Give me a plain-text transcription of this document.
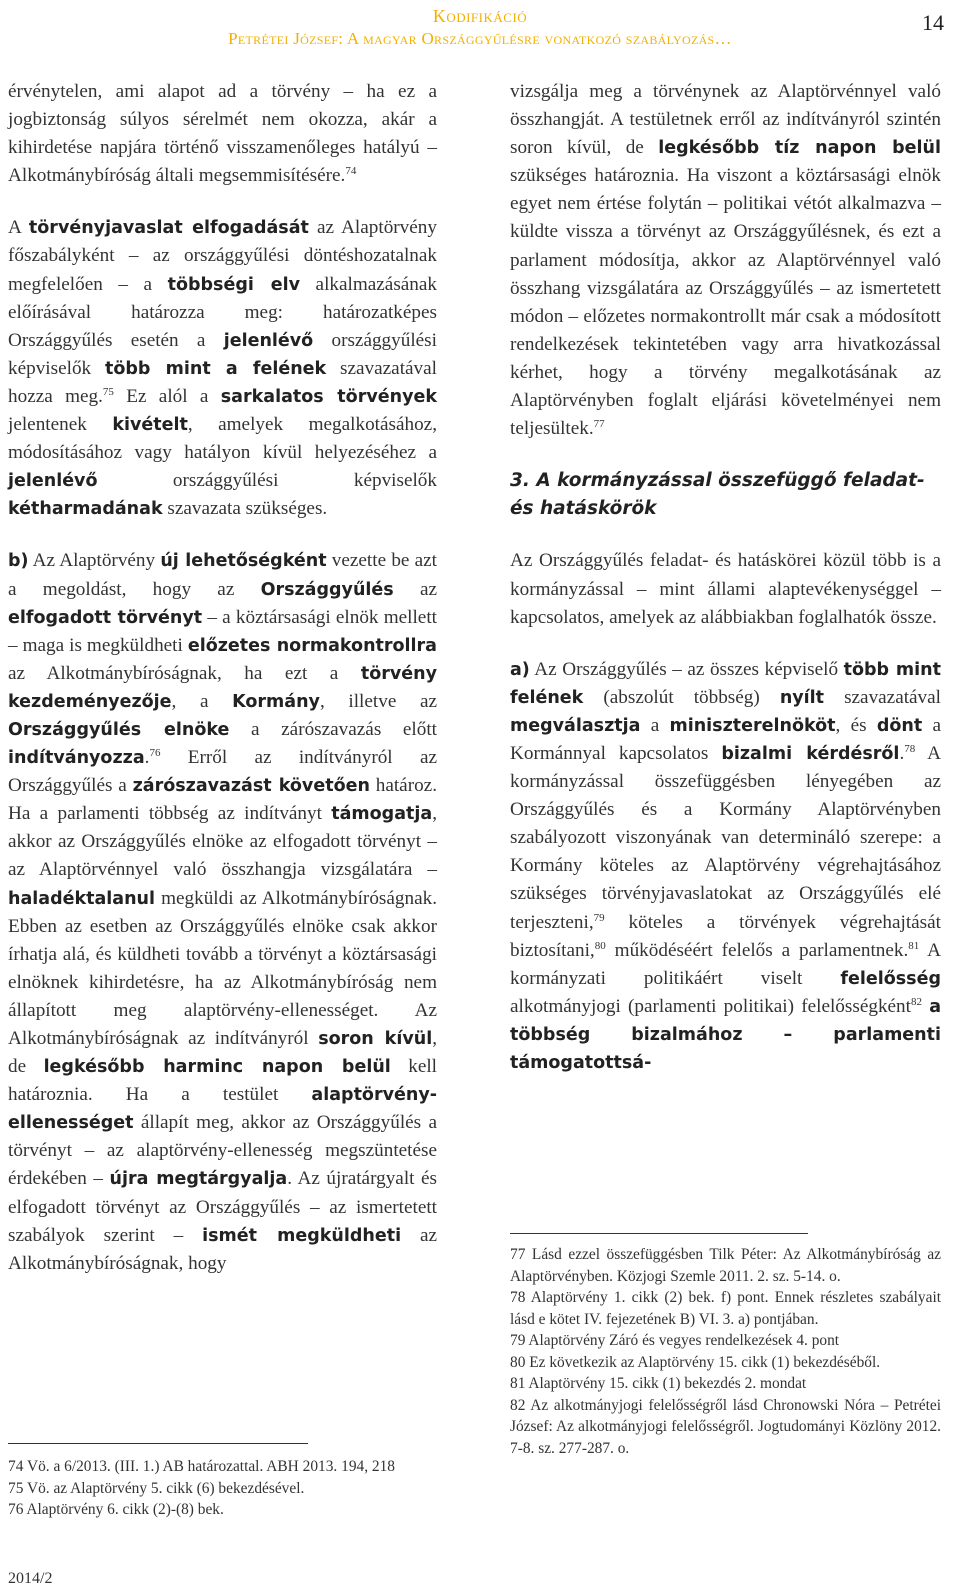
Kodifikáció
Petrétei József: A magyar Országgyűlésre vonatkozó szabályozás…
14

érvénytelen, ami alapot ad a törvény – ha ez a jogbiztonság súlyos sérelmét nem okozza, akár a kihirdetése napjára történő visszamenőleges hatályú – Alkotmánybíróság általi megsemmisítésére.$^{74}$

A törvényjavaslat elfogadását az Alaptörvény főszabályként – az országgyűlési döntéshozatalnak megfelelően – a többségi elv alkalmazásának előírásával határozza meg: határozatképes Országgyűlés esetén a jelenlévő országgyűlési képviselők több mint a felének szavazatával hozza meg.$^{75}$ Ez alól a sarkalatos törvények jelentenek kivételt, amelyek megalkotásához, módosításához vagy hatályon kívül helyezéséhez a jelenlévő országgyűlési képviselők kétharmadának szavazata szükséges.

b) Az Alaptörvény új lehetőségként vezette be azt a megoldást, hogy az Országgyűlés az elfogadott törvényt – a köztársasági elnök mellett – maga is megküldheti előzetes normakontrollra az Alkotmánybíróságnak, ha ezt a törvény kezdeményezője, a Kormány, illetve az Országgyűlés elnöke a zárószavazás előtt indítványozza.$^{76}$ Erről az indítványról az Országgyűlés a zárószavazást követően határoz. Ha a parlamenti többség az indítványt támogatja, akkor az Országgyűlés elnöke az elfogadott törvényt – az Alaptörvénnyel való összhangja vizsgálatára – haladéktalanul megküldi az Alkotmánybíróságnak. Ebben az esetben az Országgyűlés elnöke csak akkor írhatja alá, és küldheti tovább a törvényt a köztársasági elnöknek kihirdetésre, ha az Alkotmánybíróság nem állapított meg alaptörvény-ellenességet. Az Alkotmánybíróságnak az indítványról soron kívül, de legkésőbb harminc napon belül kell határoznia. Ha a testület alaptörvény-ellenességet állapít meg, akkor az Országgyűlés a törvényt – az alaptörvény-ellenesség megszüntetése érdekében – újra megtárgyalja. Az újratárgyalt és elfogadott törvényt az Országgyűlés – az ismertetett szabályok szerint – ismét megküldheti az Alkotmánybíróságnak, hogy

vizsgálja meg a törvénynek az Alaptörvénnyel való összhangját. A testületnek erről az indítványról szintén soron kívül, de legkésőbb tíz napon belül szükséges határoznia. Ha viszont a köztársasági elnök egyet nem értése folytán – politikai vétót alkalmazva – küldte vissza a törvényt az Országgyűlésnek, és ezt a parlament módosítja, akkor az Alaptörvénnyel való összhang vizsgálatára az Országgyűlés – az ismertetett módon – előzetes normakontrollt már csak a módosított rendelkezések tekintetében vagy arra hivatkozással kérhet, hogy a törvény megalkotásának az Alaptörvényben foglalt eljárási követelményei nem teljesültek.$^{77}$

3. A kormányzással összefüggő feladat- és hatáskörök

Az Országgyűlés feladat- és hatáskörei közül több is a kormányzással – mint állami alaptevékenységgel – kapcsolatos, amelyek az alábbiakban foglalhatók össze.

a) Az Országgyűlés – az összes képviselő több mint felének (abszolút többség) nyílt szavazatával megválasztja a miniszterelnököt, és dönt a Kormánnyal kapcsolatos bizalmi kérdésről.$^{78}$ A kormányzással összefüggésben lényegében az Országgyűlés és a Kormány Alaptörvényben szabályozott viszonyának van determináló szerepe: a Kormány köteles az Alaptörvény végrehajtásához szükséges törvényjavaslatokat az Országgyűlés elé terjeszteni,$^{79}$ köteles a törvények végrehajtását biztosítani,$^{80}$ működéséért felelős a parlamentnek.$^{81}$ A kormányzati politikáért viselt felelősség alkotmányjogi (parlamenti politikai) felelősségként$^{82}$ a többség bizalmához – parlamenti támogatottsá-

74 Vö. a 6/2013. (III. 1.) AB határozattal. ABH 2013. 194, 218

75 Vö. az Alaptörvény 5. cikk (6) bekezdésével.

76 Alaptörvény 6. cikk (2)-(8) bek.

77 Lásd ezzel összefüggésben Tilk Péter: Az Alkotmánybíróság az Alaptörvényben. Közjogi Szemle 2011. 2. sz. 5-14. o.

78 Alaptörvény 1. cikk (2) bek. f) pont. Ennek részletes szabályait lásd e kötet IV. fejezetének B) VI. 3. a) pontjában.

79 Alaptörvény Záró és vegyes rendelkezések 4. pont

80 Ez következik az Alaptörvény 15. cikk (1) bekezdéséből.

81 Alaptörvény 15. cikk (1) bekezdés 2. mondat

82 Az alkotmányjogi felelősségről lásd Chronowski Nóra – Petrétei József: Az alkotmányjogi felelősségről. Jogtudományi Közlöny 2012. 7-8. sz. 277-287. o.

2014/2
